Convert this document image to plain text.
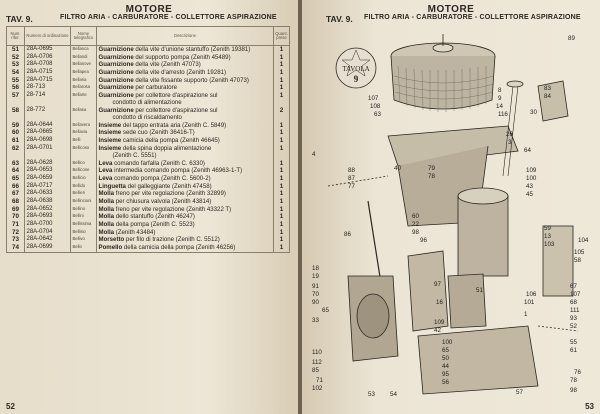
MOTORE
TAV. 9.	FILTRO ARIA - CARBURATORE - COLLETTORE ASPIRAZIONE
Num. rifer.	Numero di ordinazione	Nome telegrafico	Descrizione	Quant. prese
51	28A-0695	Bellanca	Guarnizione della vite d'unione stantuffo (Zenith 19381)	1
52	28A-0706	Bellandi	Guarnizione del supporto pompa (Zenith 45489)	1
53	28A-0708	Bellanove	Guarnizione della vite (Zenith 47073)	1
54	28A-0715	Bellapea	Guarnizione della vite d'arresto (Zenith 19281)	1
55	28A-0715	Bellaria	Guarnizione della vite fissante supporto (Zenith 47073)	1
56	28-713	Bellarosa	Guarnizione per carburatore	1
57	28-714	Bellarte	Guarnizione per collettore d'aspirazione sul
condotto di alimentazione	1
58	28-772	Bellasa	Guarnizione per collettore d'aspirazione sul
condotto di riscaldamento	2
59	28A-0644	Bellavera	Insieme del tappo entrata aria (Zenith C. 5849)	1
60	28A-0665	Bellavia	Insieme sede cuo (Zenith 36416-T)	1
61	28A-0698	Belli	Insieme camicia della pompa (Zenith 46645)	1
62	28A-0701	Bellicoso	Insieme della spina doppia alimentazione
(Zenith C. 5551)	1
63	28A-0628	Bellico	Leva comando farfalla (Zenith C. 6330)	1
64	28A-0653	Bellicone	Leva intermedia comando pompa (Zenith 46963-1-T)	1
65	28A-0659	Bellicio	Leva comando pompa (Zenith C. 5600-2)	1
66	28A-0717	Bellido	Linguetta del galleggiante (Zenith 47458)	1
67	28A-0633	Bellieri	Molla freno per vite regolazione (Zenith 32899)	1
68	28A-0638	Bellincioni	Molla per chiusura valvola (Zenith 43814)	1
69	28A-0652	Bellino	Molla freno per vite regolazione (Zenith 43322 T)	1
70	28A-0693	Bellini	Molla dello stantuffo (Zenith 46247)	1
71	28A-0700	Bellissima	Molla della pompa (Zenith C. 5523)	1
72	28A-0704	Bellisio	Molla (Zenith 43484)	1
73	28A-0642	Bellivo	Morsetto per filo di trazione (Zenith C. 5512)	1
74	28A-0699	Bello	Pomello della camicia della pompa (Zenith 46256)	1
52
MOTORE
TAV. 9. FILTRO ARIA - CARBURATORE - COLLETTORE ASPIRAZIONE
TAVOLA
9
89
8
9
14
116
107
108
63
83
84
30
26
3
64
4
88
87
77
40	79
78
109
100
43
45
59
13
103
104
105
58
86
60
22
98
96
18
19
91
70
90
65
33
97
51
16
109
42
106
101
1
67
107
68
111
93
52
110
112
85
71
102
100
65
50
44
95
56
55
61
76
78
98
57
53 54
53
